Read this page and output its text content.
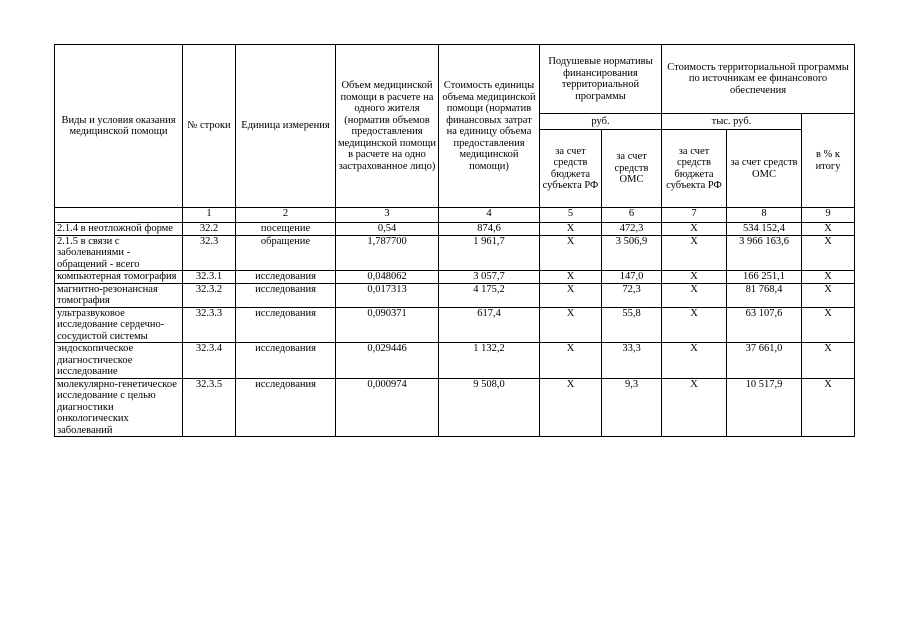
Виды и условия оказания медицинской помощи	№ строки	Единица измерения	Объем медицинской помощи в расчете на одного жителя (норматив объемов предоставления медицинской помощи в расчете на одно застрахованное лицо)	Стоимость единицы объема медицинской помощи (норматив финансовых затрат на единицу объема предоставления медицинской помощи)	Подушевые нормативы финансирования территориальной программы		Стоимость территориальной программы по источникам ее финансового обеспечения		
					руб.		тыс. руб.		в % к итогу
					за счет средств бюджета субъекта РФ	за счет средств ОМС	за счет средств бюджета субъекта РФ	за счет средств ОМС	
	1	2	3	4	5	6	7	8	9
2.1.4 в неотложной форме	32.2	посещение	0,54	874,6	Х	472,3	Х	534 152,4	Х
2.1.5 в связи с заболеваниями - обращений - всего	32.3	обращение	1,787700	1 961,7	Х	3 506,9	Х	3 966 163,6	Х
компьютерная томография	32.3.1	исследования	0,048062	3 057,7	Х	147,0	Х	166 251,1	Х
магнитно-резонансная томография	32.3.2	исследования	0,017313	4 175,2	Х	72,3	Х	81 768,4	Х
ультразвуковое исследование сердечно-сосудистой системы	32.3.3	исследования	0,090371	617,4	Х	55,8	Х	63 107,6	Х
эндоскопическое диагностическое исследование	32.3.4	исследования	0,029446	1 132,2	Х	33,3	Х	37 661,0	Х
молекулярно-генетическое исследование с целью диагностики онкологических заболеваний	32.3.5	исследования	0,000974	9 508,0	Х	9,3	Х	10 517,9	Х
